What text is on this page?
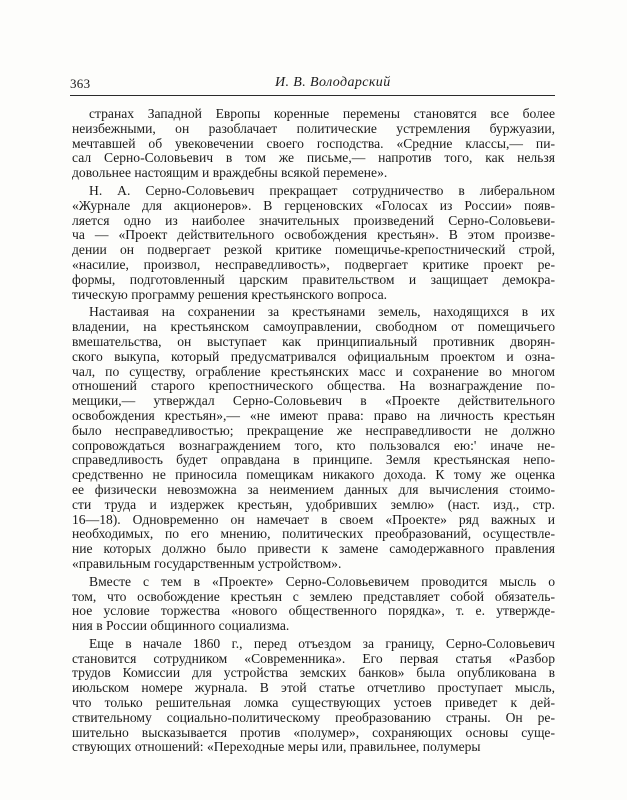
363	И. В. Володарский
странах Западной Европы коренные перемены становятся все более
неизбежными, он разоблачает политические устремления буржуазии,
мечтавшей об увековечении своего господства. «Средние классы,— пи-
сал Серно-Соловьевич в том же письме,— напротив того, как нельзя
довольнее настоящим и враждебны всякой перемене».
Н. А. Серно-Соловьевич прекращает сотрудничество в либеральном
«Журнале для акционеров». В герценовских «Голосах из России» появ-
ляется одно из наиболее значительных произведений Серно-Соловьеви-
ча — «Проект действительного освобождения крестьян». В этом произве-
дении он подвергает резкой критике помещичье-крепостнический строй,
«насилие, произвол, несправедливость», подвергает критике проект ре-
формы, подготовленный царским правительством и защищает демокра-
тическую программу решения крестьянского вопроса.
Настаивая на сохранении за крестьянами земель, находящихся в их
владении, на крестьянском самоуправлении, свободном от помещичьего
вмешательства, он выступает как принципиальный противник дворян-
ского выкупа, который предусматривался официальным проектом и озна-
чал, по существу, ограбление крестьянских масс и сохранение во многом
отношений старого крепостнического общества. На вознаграждение по-
мещики,— утверждал Серно-Соловьевич в «Проекте действительного
освобождения крестьян»,— «не имеют права: право на личность крестьян
было несправедливостью; прекращение же несправедливости не должно
сопровождаться вознаграждением того, кто пользовался ею:' иначе не-
справедливость будет оправдана в принципе. Земля крестьянская непо-
средственно не приносила помещикам никакого дохода. К тому же оценка
ее физически невозможна за неимением данных для вычисления стоимо-
сти труда и издержек крестьян, удобривших землю» (наст. изд., стр.
16—18). Одновременно он намечает в своем «Проекте» ряд важных и
необходимых, по его мнению, политических преобразований, осуществле-
ние которых должно было привести к замене самодержавного правления
«правильным государственным устройством».
Вместе с тем в «Проекте» Серно-Соловьевичем проводится мысль о
том, что освобождение крестьян с землею представляет собой обязатель-
ное условие торжества «нового общественного порядка», т. е. утвержде-
ния в России общинного социализма.
Еще в начале 1860 г., перед отъездом за границу, Серно-Соловьевич
становится сотрудником «Современника». Его первая статья «Разбор
трудов Комиссии для устройства земских банков» была опубликована в
июльском номере журнала. В этой статье отчетливо проступает мысль,
что только решительная ломка существующих устоев приведет к дей-
ствительному социально-политическому преобразованию страны. Он ре-
шительно высказывается против «полумер», сохраняющих основы суще-
ствующих отношений: «Переходные меры или, правильнее, полумеры
